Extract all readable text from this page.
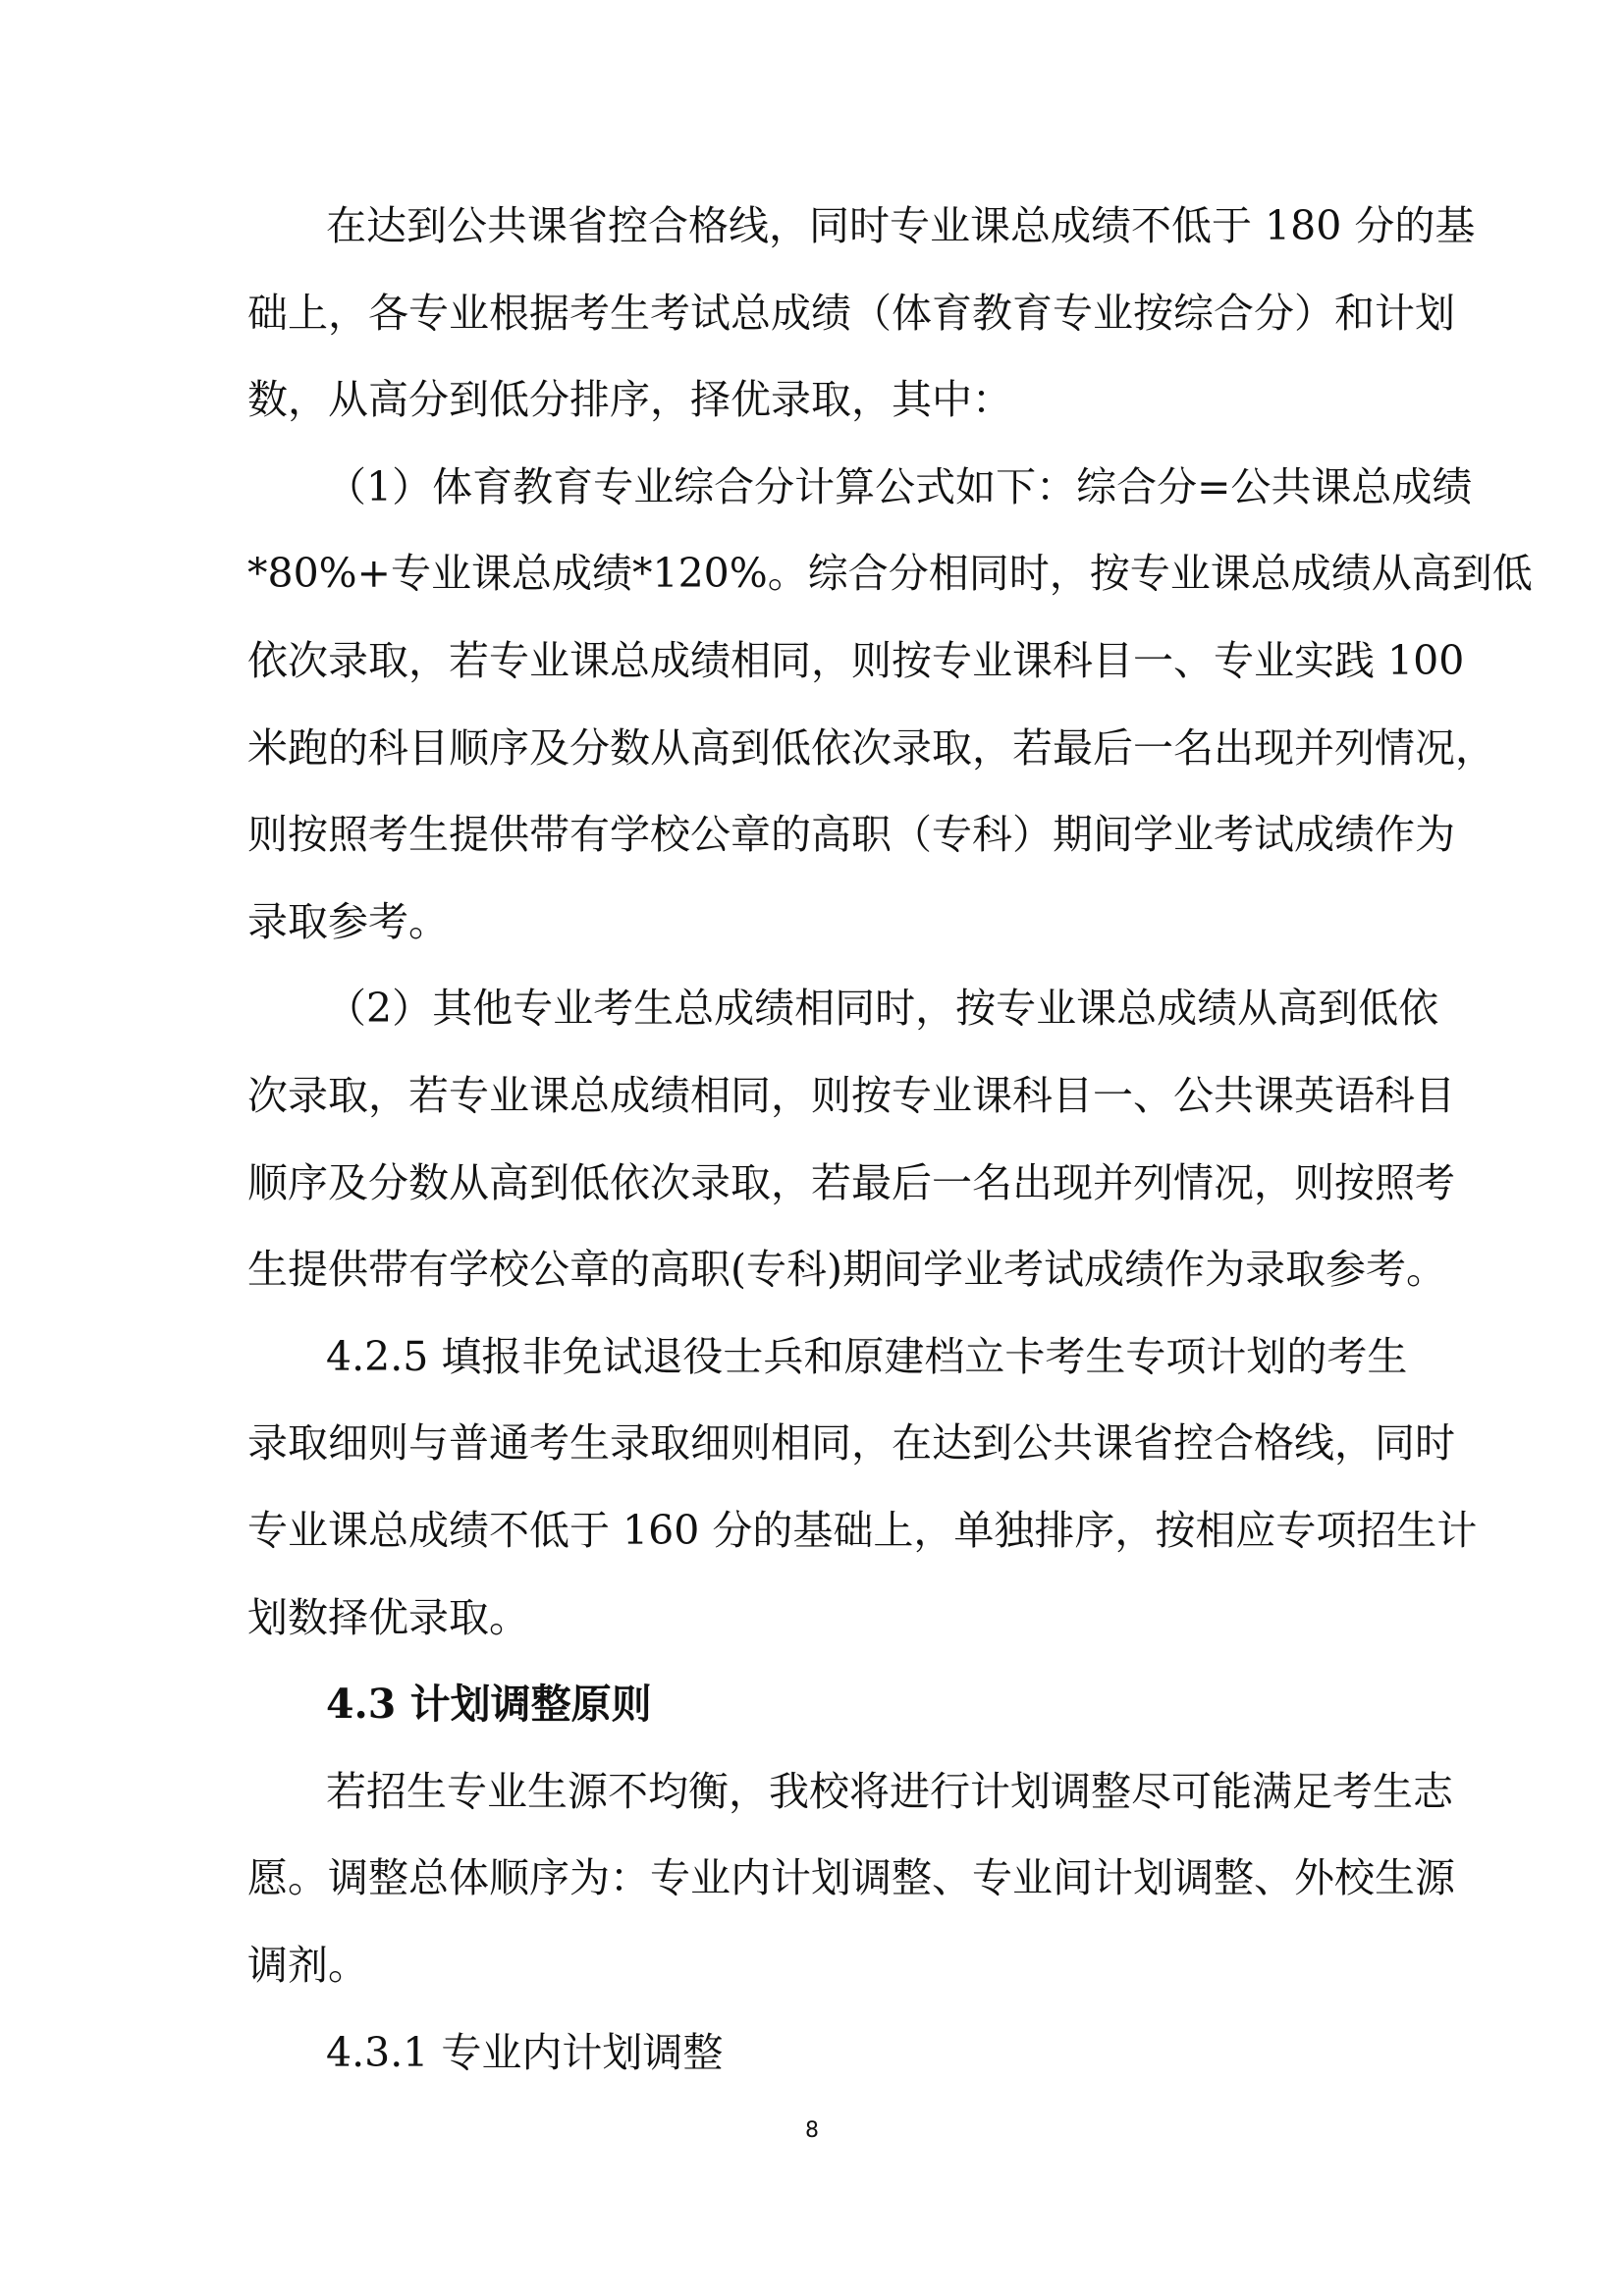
在达到公共课省控合格线，同时专业课总成绩不低于 180 分的基
础上，各专业根据考生考试总成绩（体育教育专业按综合分）和计划
数，从高分到低分排序，择优录取，其中：
（1）体育教育专业综合分计算公式如下：综合分=公共课总成绩
*80%+专业课总成绩*120%。综合分相同时，按专业课总成绩从高到低
依次录取，若专业课总成绩相同，则按专业课科目一、专业实践 100
米跑的科目顺序及分数从高到低依次录取，若最后一名出现并列情况，
则按照考生提供带有学校公章的高职（专科）期间学业考试成绩作为
录取参考。
（2）其他专业考生总成绩相同时，按专业课总成绩从高到低依
次录取，若专业课总成绩相同，则按专业课科目一、公共课英语科目
顺序及分数从高到低依次录取，若最后一名出现并列情况，则按照考
生提供带有学校公章的高职(专科)期间学业考试成绩作为录取参考。
4.2.5 填报非免试退役士兵和原建档立卡考生专项计划的考生
录取细则与普通考生录取细则相同，在达到公共课省控合格线，同时
专业课总成绩不低于 160 分的基础上，单独排序，按相应专项招生计
划数择优录取。
4.3 计划调整原则
若招生专业生源不均衡，我校将进行计划调整尽可能满足考生志
愿。调整总体顺序为：专业内计划调整、专业间计划调整、外校生源
调剂。
4.3.1 专业内计划调整
8
